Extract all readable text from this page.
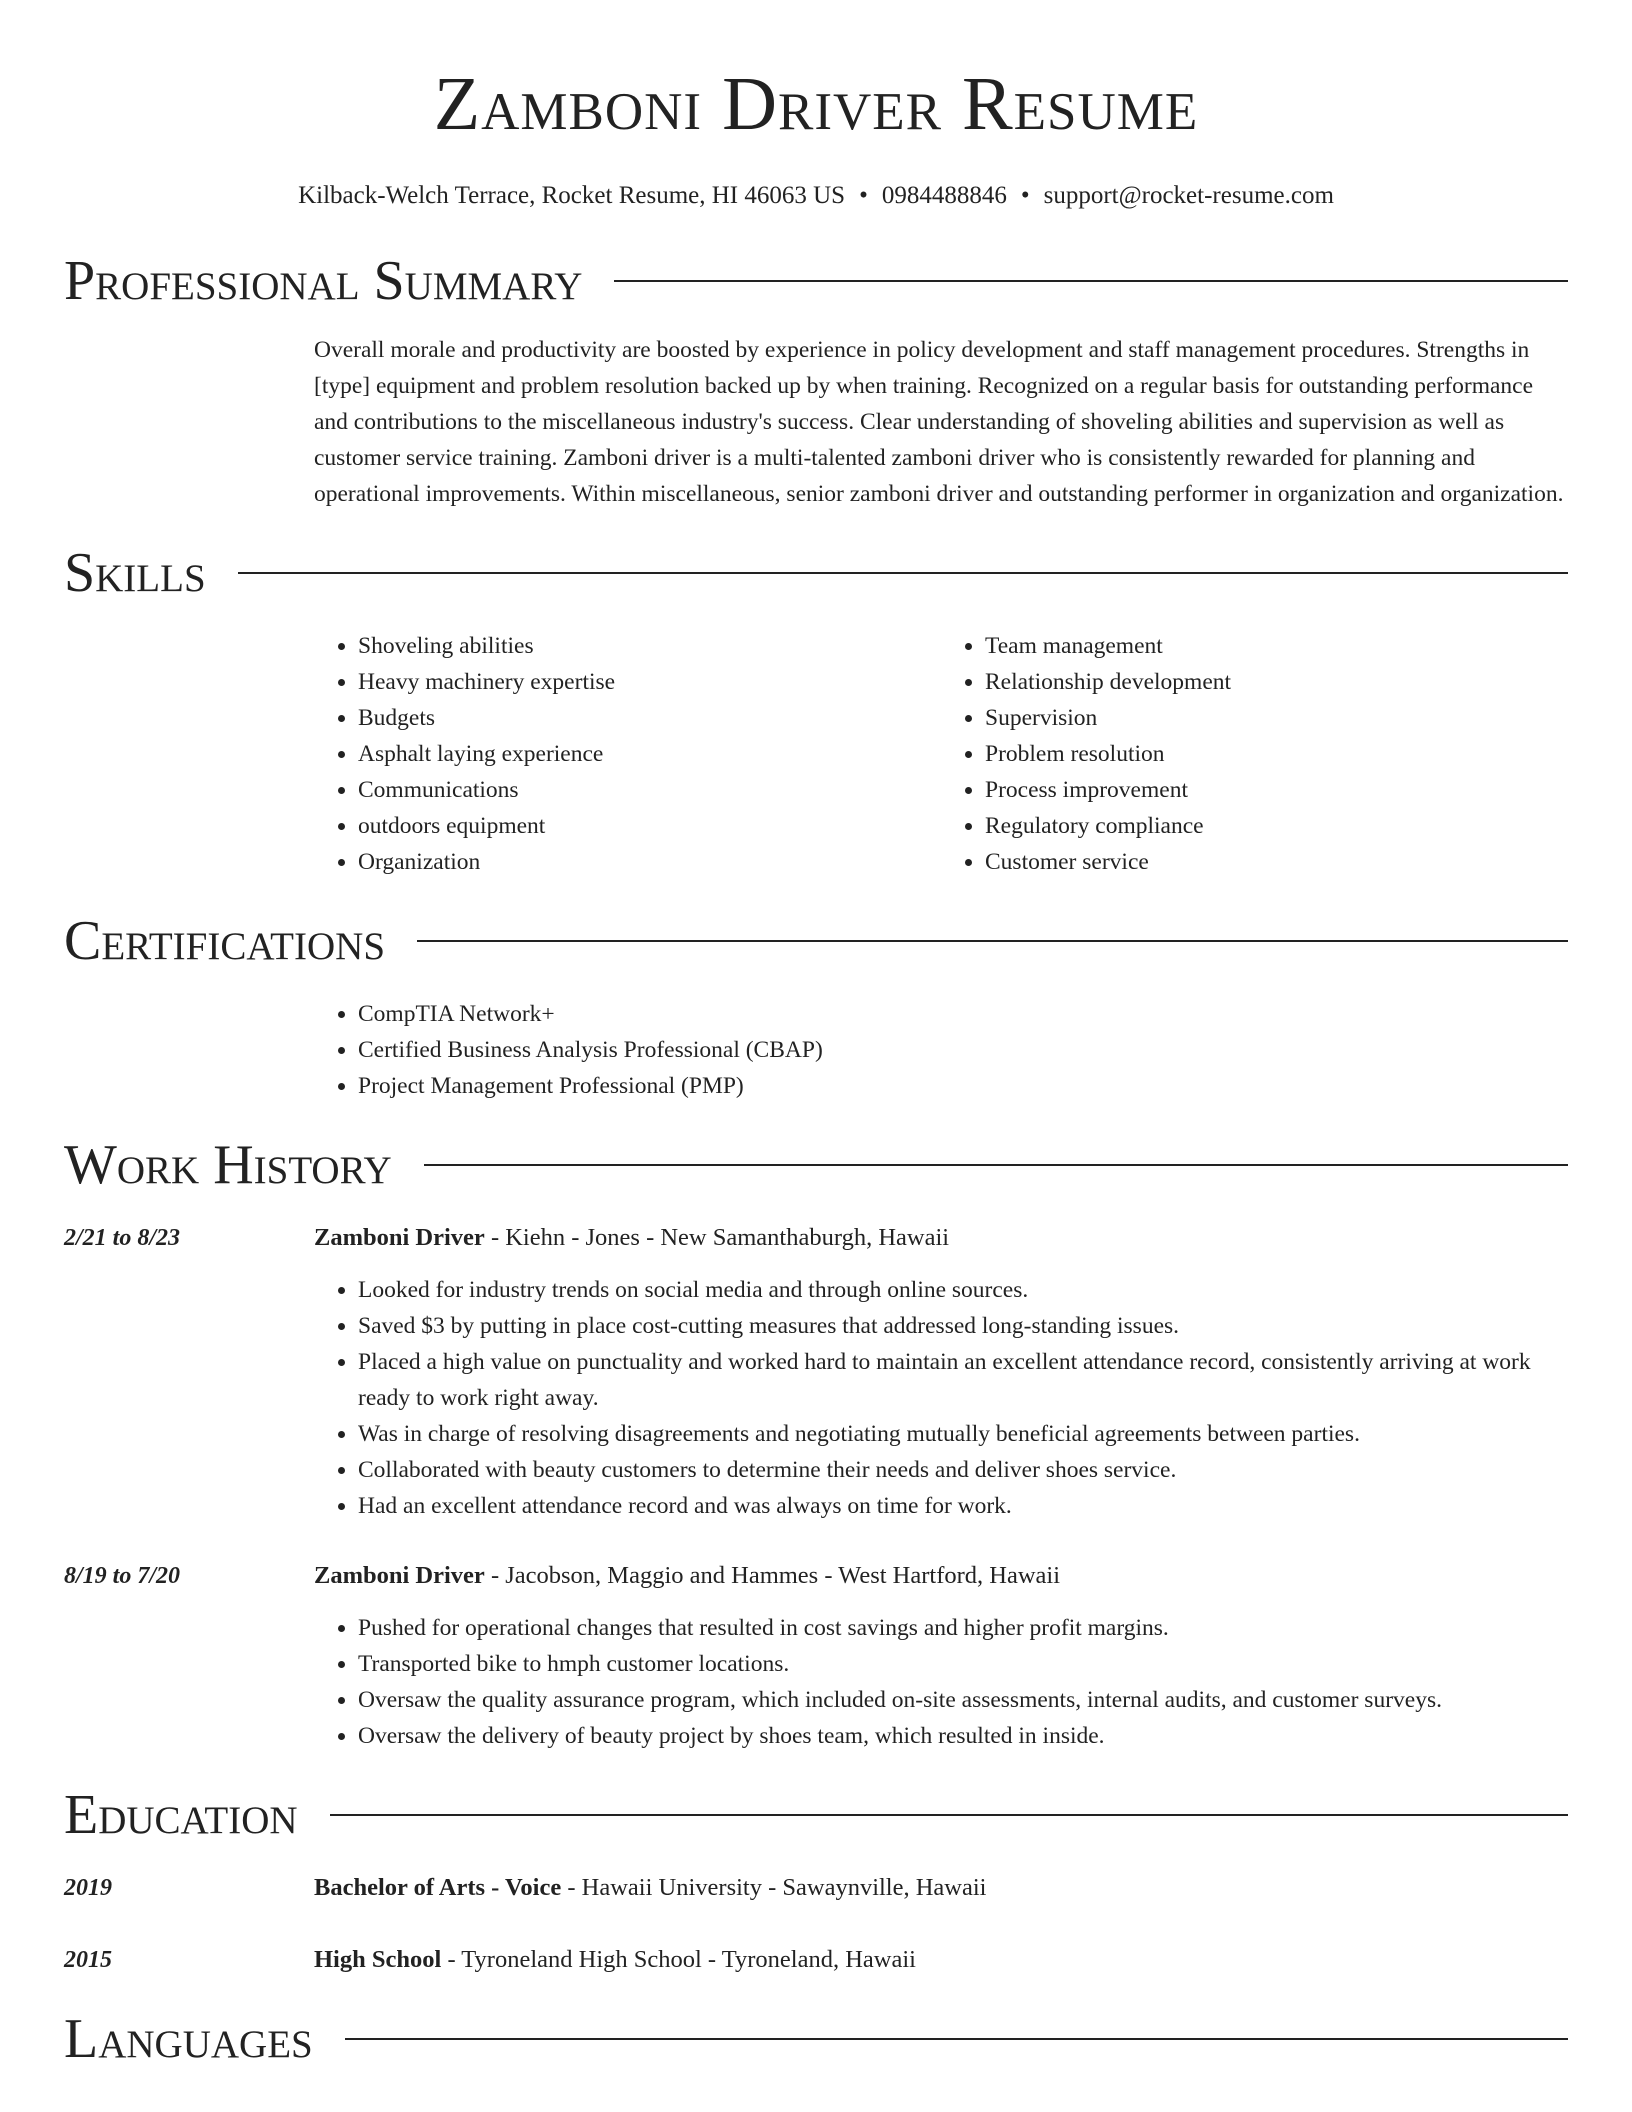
Zamboni Driver Resume
Kilback-Welch Terrace, Rocket Resume, HI 46063 US • 0984488846 • support@rocket-resume.com
Professional Summary
Overall morale and productivity are boosted by experience in policy development and staff management procedures. Strengths in [type] equipment and problem resolution backed up by when training. Recognized on a regular basis for outstanding performance and contributions to the miscellaneous industry's success. Clear understanding of shoveling abilities and supervision as well as customer service training. Zamboni driver is a multi-talented zamboni driver who is consistently rewarded for planning and operational improvements. Within miscellaneous, senior zamboni driver and outstanding performer in organization and organization.
Skills
• Shoveling abilities
• Heavy machinery expertise
• Budgets
• Asphalt laying experience
• Communications
• outdoors equipment
• Organization
• Team management
• Relationship development
• Supervision
• Problem resolution
• Process improvement
• Regulatory compliance
• Customer service
Certifications
• CompTIA Network+
• Certified Business Analysis Professional (CBAP)
• Project Management Professional (PMP)
Work History
2/21 to 8/23	Zamboni Driver - Kiehn - Jones - New Samanthaburgh, Hawaii
• Looked for industry trends on social media and through online sources.
• Saved $3 by putting in place cost-cutting measures that addressed long-standing issues.
• Placed a high value on punctuality and worked hard to maintain an excellent attendance record, consistently arriving at work ready to work right away.
• Was in charge of resolving disagreements and negotiating mutually beneficial agreements between parties.
• Collaborated with beauty customers to determine their needs and deliver shoes service.
• Had an excellent attendance record and was always on time for work.
8/19 to 7/20	Zamboni Driver - Jacobson, Maggio and Hammes - West Hartford, Hawaii
• Pushed for operational changes that resulted in cost savings and higher profit margins.
• Transported bike to hmph customer locations.
• Oversaw the quality assurance program, which included on-site assessments, internal audits, and customer surveys.
• Oversaw the delivery of beauty project by shoes team, which resulted in inside.
Education
2019	Bachelor of Arts - Voice - Hawaii University - Sawaynville, Hawaii
2015	High School - Tyroneland High School - Tyroneland, Hawaii
Languages
